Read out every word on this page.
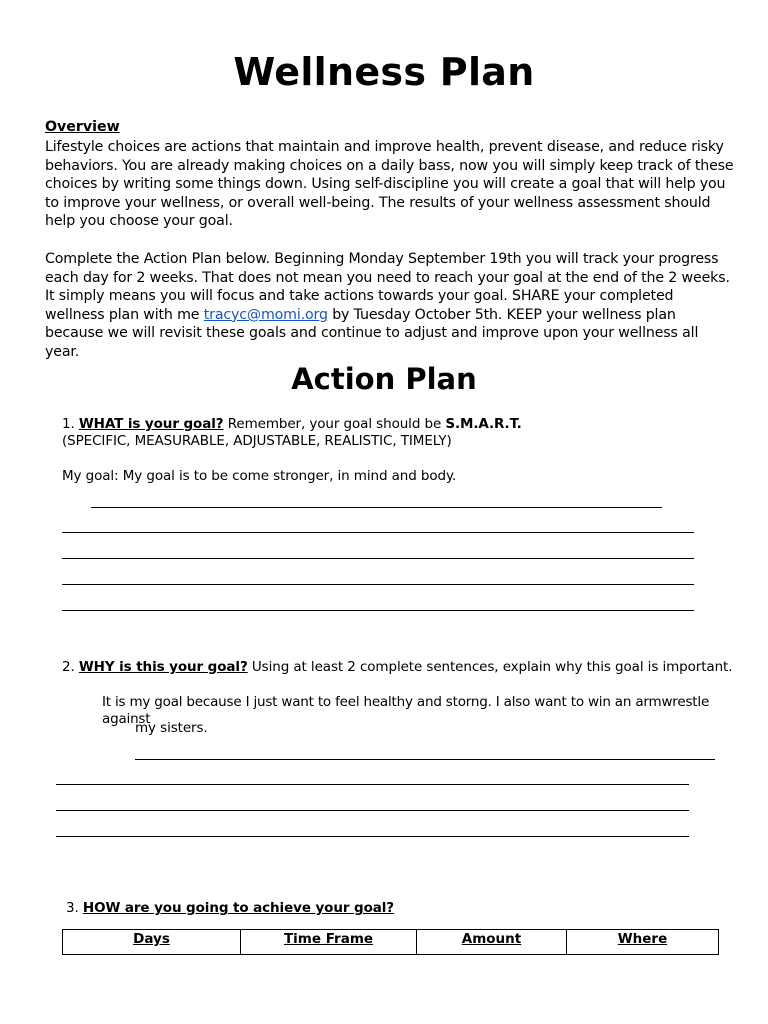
Wellness Plan

Overview

Lifestyle choices are actions that maintain and improve health, prevent disease, and reduce risky behaviors. You are already making choices on a daily bass, now you will simply keep track of these choices by writing some things down. Using self-discipline you will create a goal that will help you to improve your wellness, or overall well-being. The results of your wellness assessment should help you choose your goal.

Complete the Action Plan below. Beginning Monday September 19th you will track your progress each day for 2 weeks. That does not mean you need to reach your goal at the end of the 2 weeks. It simply means you will focus and take actions towards your goal. SHARE your completed wellness plan with me tracyc@momi.org by Tuesday October 5th. KEEP your wellness plan because we will revisit these goals and continue to adjust and improve upon your wellness all year.

Action Plan

1. WHAT is your goal? Remember, your goal should be S.M.A.R.T.

(SPECIFIC, MEASURABLE, ADJUSTABLE, REALISTIC, TIMELY)

My goal: My goal is to be come stronger, in mind and body.

2. WHY is this your goal? Using at least 2 complete sentences, explain why this goal is important.

It is my goal because I just want to feel healthy and storng. I also want to win an armwrestle against

my sisters.

3. HOW are you going to achieve your goal?

Days	Time Frame	Amount	Where
